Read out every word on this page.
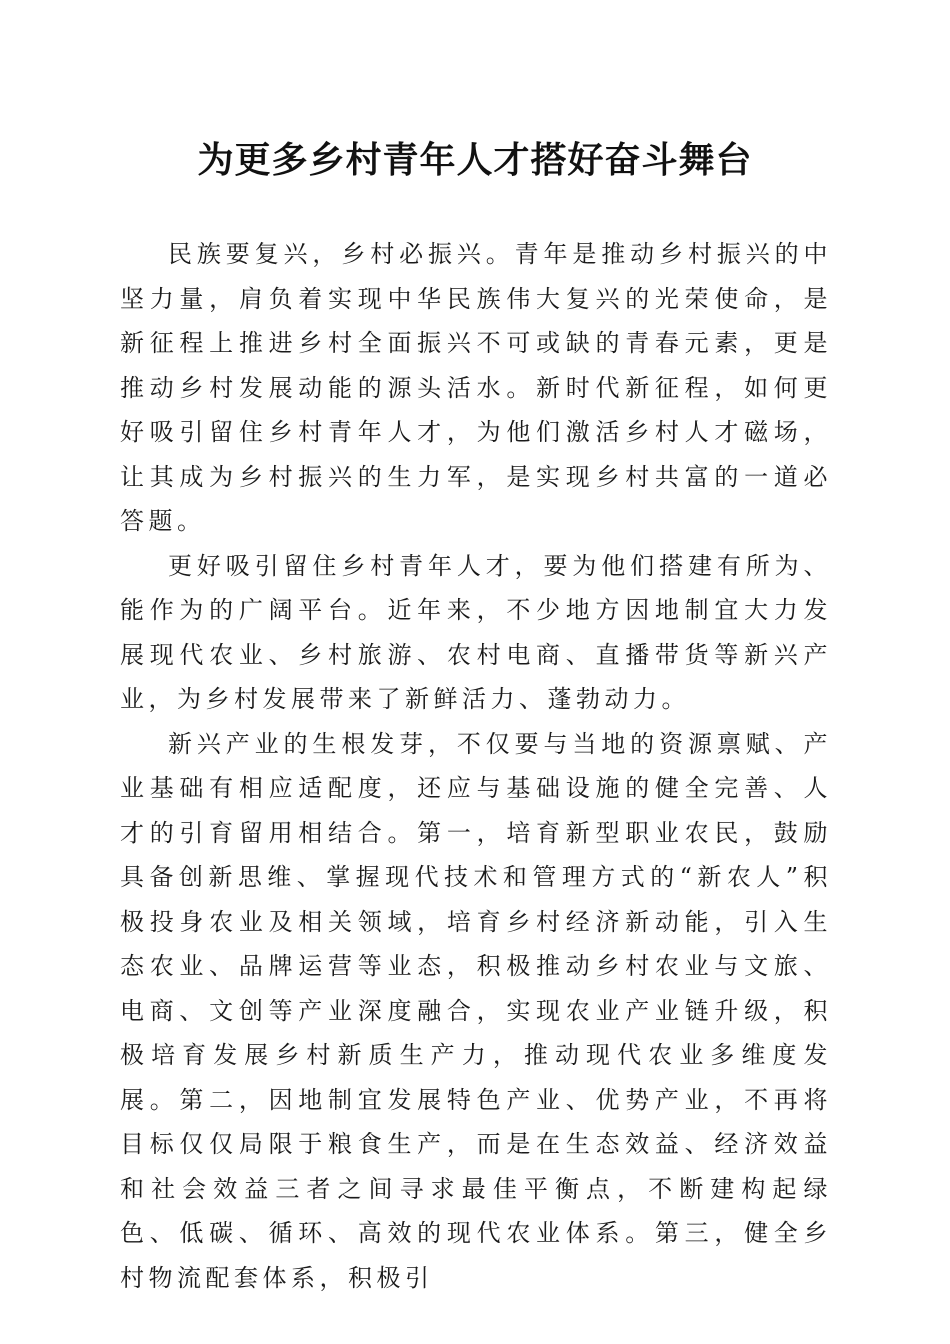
为更多乡村青年人才搭好奋斗舞台

民族要复兴，乡村必振兴。青年是推动乡村振兴的中坚力量，肩负着实现中华民族伟大复兴的光荣使命，是新征程上推进乡村全面振兴不可或缺的青春元素，更是推动乡村发展动能的源头活水。新时代新征程，如何更好吸引留住乡村青年人才，为他们激活乡村人才磁场，让其成为乡村振兴的生力军，是实现乡村共富的一道必答题。

更好吸引留住乡村青年人才，要为他们搭建有所为、能作为的广阔平台。近年来，不少地方因地制宜大力发展现代农业、乡村旅游、农村电商、直播带货等新兴产业，为乡村发展带来了新鲜活力、蓬勃动力。

新兴产业的生根发芽，不仅要与当地的资源禀赋、产业基础有相应适配度，还应与基础设施的健全完善、人才的引育留用相结合。第一，培育新型职业农民，鼓励具备创新思维、掌握现代技术和管理方式的“新农人”积极投身农业及相关领域，培育乡村经济新动能，引入生态农业、品牌运营等业态，积极推动乡村农业与文旅、电商、文创等产业深度融合，实现农业产业链升级，积极培育发展乡村新质生产力，推动现代农业多维度发展。第二，因地制宜发展特色产业、优势产业，不再将目标仅仅局限于粮食生产，而是在生态效益、经济效益和社会效益三者之间寻求最佳平衡点，不断建构起绿色、低碳、循环、高效的现代农业体系。第三，健全乡村物流配套体系，积极引
